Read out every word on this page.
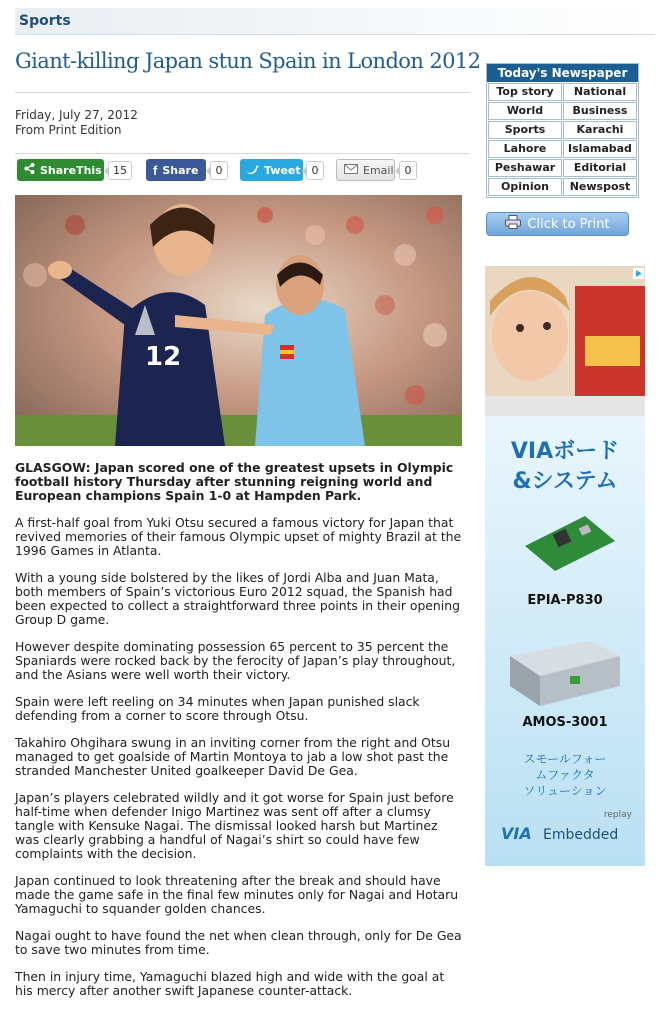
Sports
Giant-killing Japan stun Spain in London 2012
Friday, July 27, 2012
From Print Edition
ShareThis	15	f Share	0	Tweet 0	Email 0
12

GLASGOW: Japan scored one of the greatest upsets in Olympic football history Thursday after stunning reigning world and European champions Spain 1-0 at Hampden Park.

A first-half goal from Yuki Otsu secured a famous victory for Japan that revived memories of their famous Olympic upset of mighty Brazil at the 1996 Games in Atlanta.

With a young side bolstered by the likes of Jordi Alba and Juan Mata, both members of Spain’s victorious Euro 2012 squad, the Spanish had been expected to collect a straightforward three points in their opening Group D game.

However despite dominating possession 65 percent to 35 percent the Spaniards were rocked back by the ferocity of Japan’s play throughout, and the Asians were well worth their victory.

Spain were left reeling on 34 minutes when Japan punished slack defending from a corner to score through Otsu.

Takahiro Ohgihara swung in an inviting corner from the right and Otsu managed to get goalside of Martin Montoya to jab a low shot past the stranded Manchester United goalkeeper David De Gea.

Japan’s players celebrated wildly and it got worse for Spain just before half-time when defender Inigo Martinez was sent off after a clumsy tangle with Kensuke Nagai. The dismissal looked harsh but Martinez was clearly grabbing a handful of Nagai’s shirt so could have few complaints with the decision.

Japan continued to look threatening after the break and should have made the game safe in the final few minutes only for Nagai and Hotaru Yamaguchi to squander golden chances.

Nagai ought to have found the net when clean through, only for De Gea to save two minutes from time.

Then in injury time, Yamaguchi blazed high and wide with the goal at his mercy after another swift Japanese counter-attack.

Today's Newspaper
Top story	National
World	Business
Sports	Karachi
Lahore	Islamabad
Peshawar	Editorial
Opinion	Newspost
Click to Print
VIAボード
&システム
EPIA-P830
AMOS-3001
スモールフォー
ムファクタ
ソリューション
replay
VIA Embedded
